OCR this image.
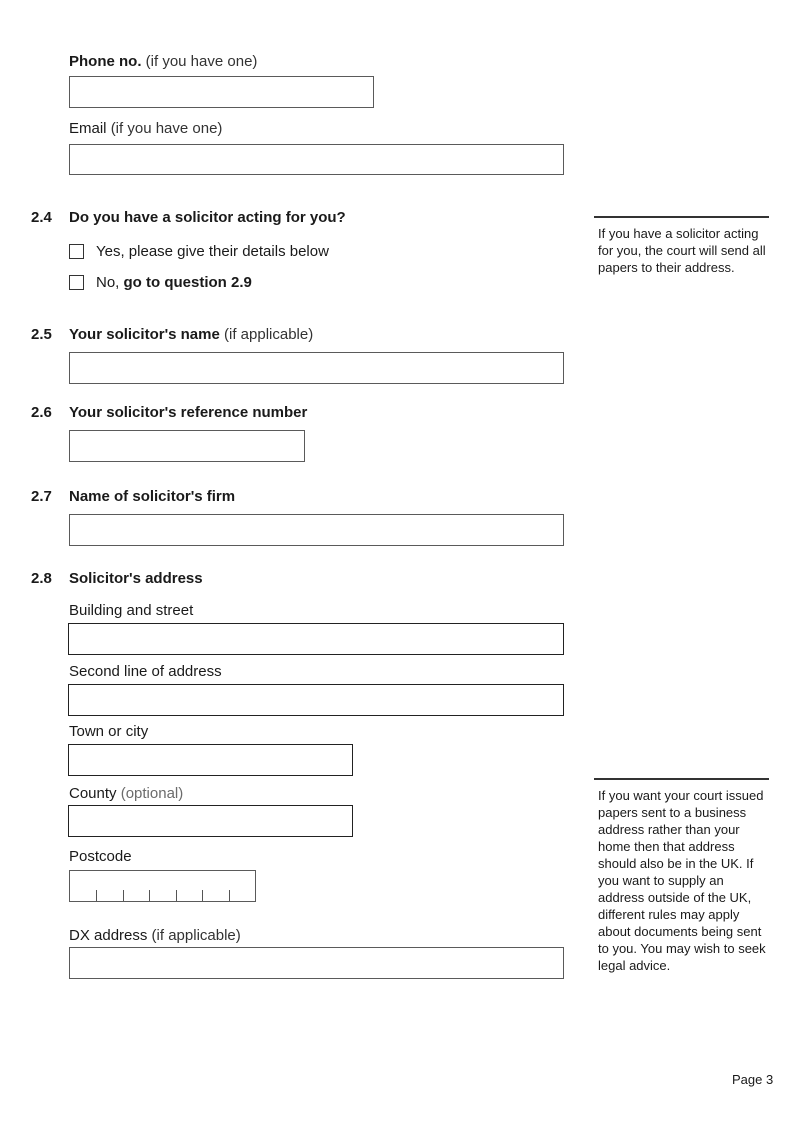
Phone no. (if you have one)
Email (if you have one)
2.4 Do you have a solicitor acting for you?
Yes, please give their details below
No, go to question 2.9
If you have a solicitor acting for you, the court will send all papers to their address.
2.5 Your solicitor's name (if applicable)
2.6 Your solicitor's reference number
2.7 Name of solicitor's firm
2.8 Solicitor's address
Building and street
Second line of address
Town or city
County (optional)
Postcode
DX address (if applicable)
If you want your court issued papers sent to a business address rather than your home then that address should also be in the UK. If you want to supply an address outside of the UK, different rules may apply about documents being sent to you. You may wish to seek legal advice.
Page 3
